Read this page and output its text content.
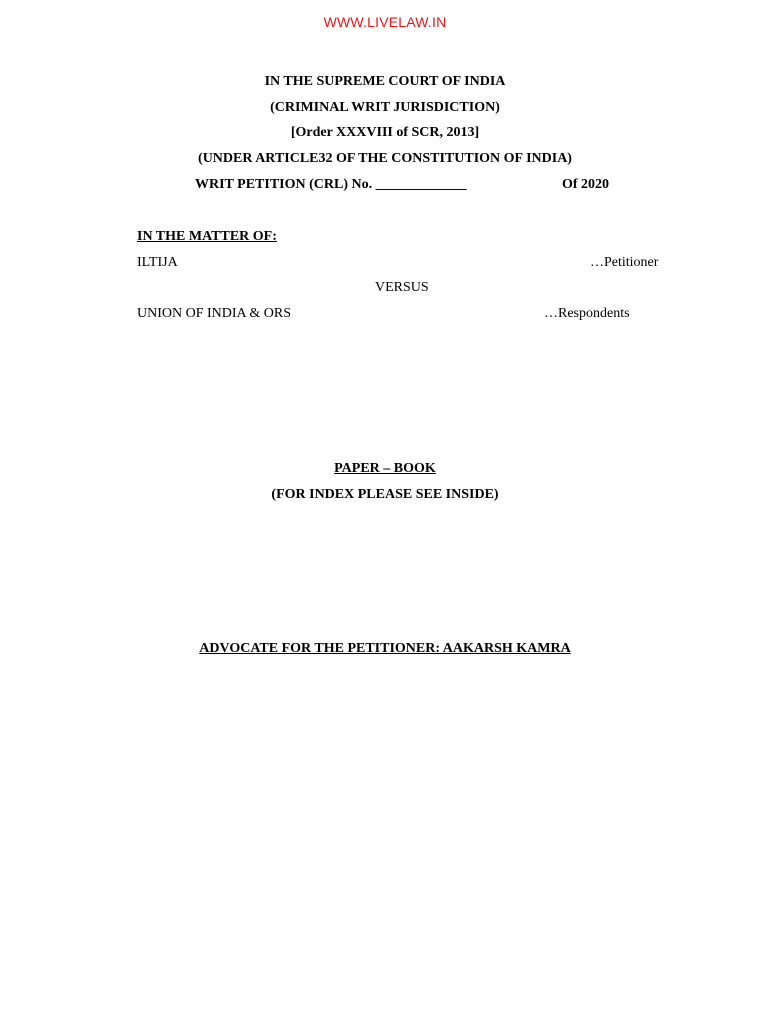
WWW.LIVELAW.IN
IN THE SUPREME COURT OF INDIA
(CRIMINAL WRIT JURISDICTION)
[Order XXXVIII of SCR, 2013]
(UNDER ARTICLE32 OF THE CONSTITUTION OF INDIA)
WRIT PETITION (CRL) No. _____________	Of 2020
IN THE MATTER OF:
ILTIJA	…Petitioner
VERSUS
UNION OF INDIA & ORS	…Respondents
PAPER – BOOK
(FOR INDEX PLEASE SEE INSIDE)
ADVOCATE FOR THE PETITIONER: AAKARSH KAMRA
